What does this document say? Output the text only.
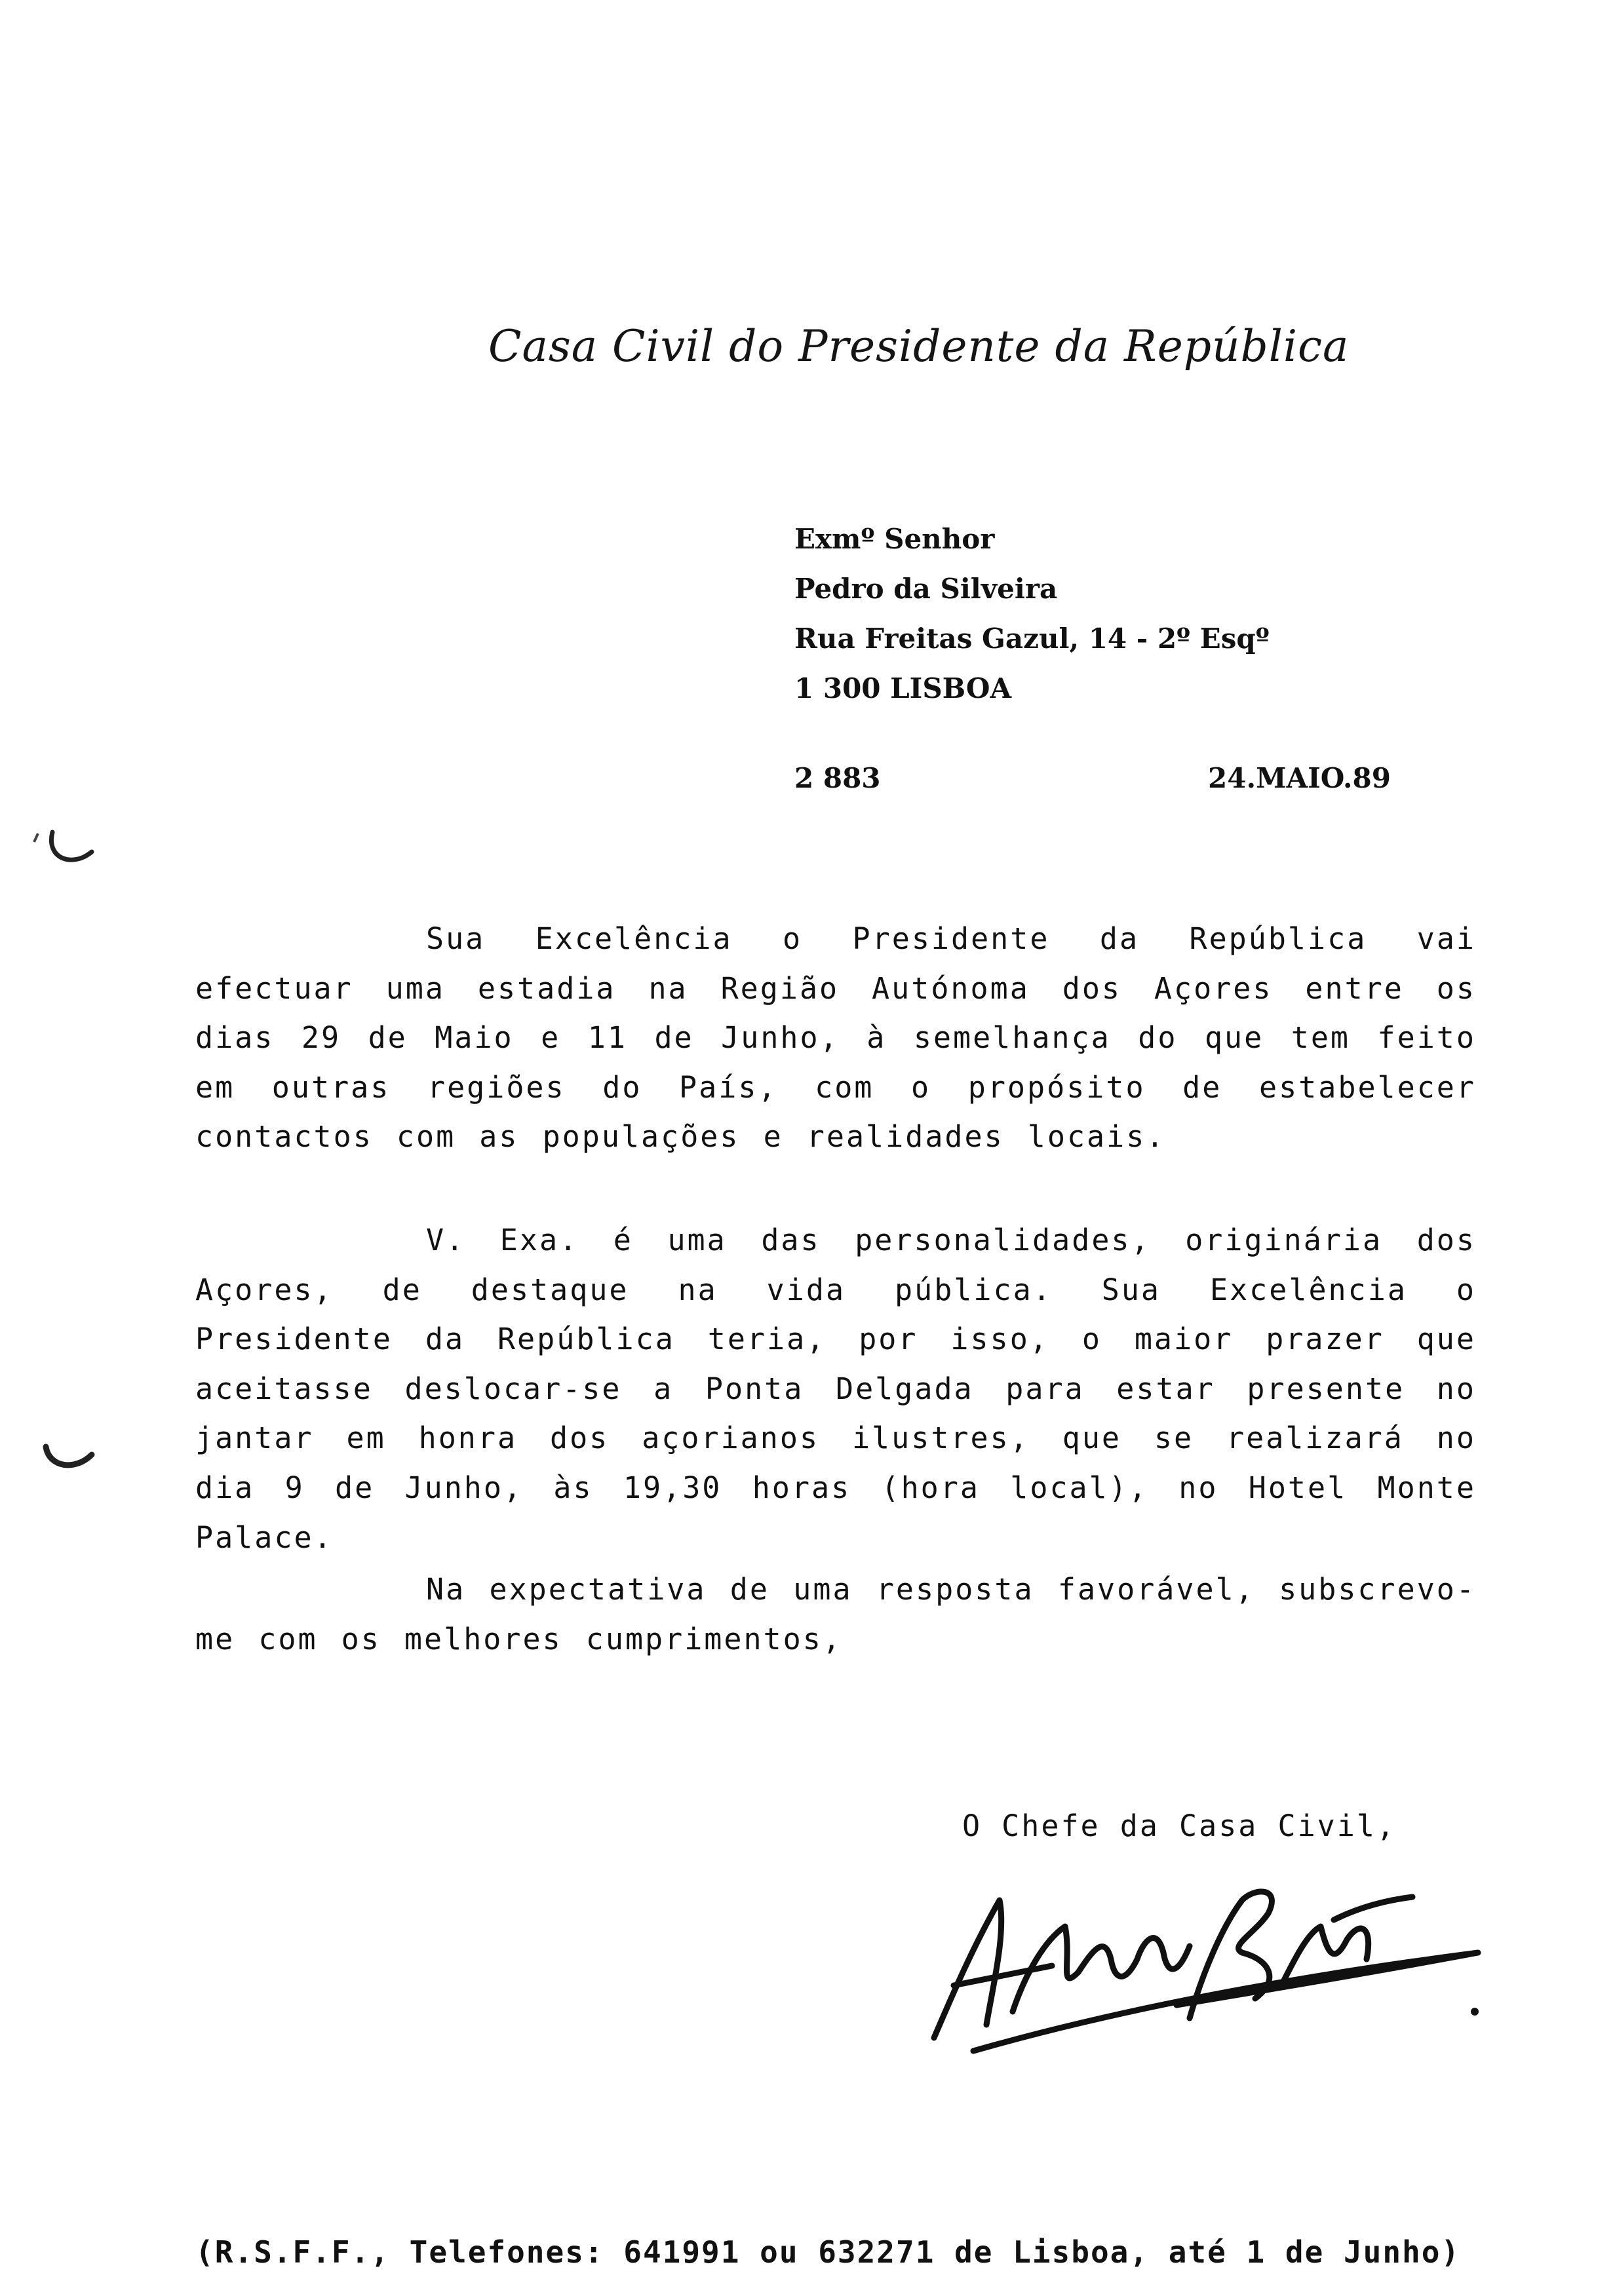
Casa Civil do Presidente da República
Exmº Senhor
Pedro da Silveira
Rua Freitas Gazul, 14 - 2º Esqº
1 300 LISBOA
2 883	24.MAIO.89

Sua Excelência o Presidente da República vai efectuar uma estadia na Região Autónoma dos Açores entre os dias 29 de Maio e 11 de Junho, à semelhança do que tem feito em outras regiões do País, com o propósito de estabelecer contactos com as populações e realidades locais.

V. Exa. é uma das personalidades, originária dos Açores, de destaque na vida pública. Sua Excelência o Presidente da República teria, por isso, o maior prazer que aceitasse deslocar-se a Ponta Delgada para estar presente no jantar em honra dos açorianos ilustres, que se realizará no dia 9 de Junho, às 19,30 horas (hora local), no Hotel Monte Palace.

Na expectativa de uma resposta favorável, subscrevo-me com os melhores cumprimentos,

O Chefe da Casa Civil,
(R.S.F.F., Telefones: 641991 ou 632271 de Lisboa, até 1 de Junho)
